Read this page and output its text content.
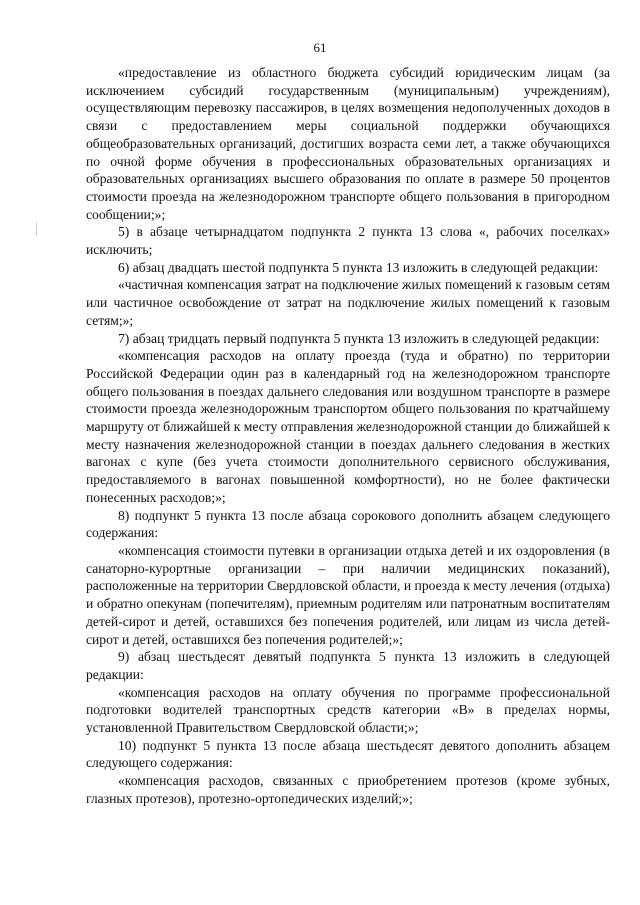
61

«предоставление из областного бюджета субсидий юридическим лицам (за исключением субсидий государственным (муниципальным) учреждениям), осуществляющим перевозку пассажиров, в целях возмещения недополученных доходов в связи с предоставлением меры социальной поддержки обучающихся общеобразовательных организаций, достигших возраста семи лет, а также обучающихся по очной форме обучения в профессиональных образовательных организациях и образовательных организациях высшего образования по оплате в размере 50 процентов стоимости проезда на железнодорожном транспорте общего пользования в пригородном сообщении;»;

5) в абзаце четырнадцатом подпункта 2 пункта 13 слова «, рабочих поселках» исключить;

6) абзац двадцать шестой подпункта 5 пункта 13 изложить в следующей редакции:

«частичная компенсация затрат на подключение жилых помещений к газовым сетям или частичное освобождение от затрат на подключение жилых помещений к газовым сетям;»;

7) абзац тридцать первый подпункта 5 пункта 13 изложить в следующей редакции:

«компенсация расходов на оплату проезда (туда и обратно) по территории Российской Федерации один раз в календарный год на железнодорожном транспорте общего пользования в поездах дальнего следования или воздушном транспорте в размере стоимости проезда железнодорожным транспортом общего пользования по кратчайшему маршруту от ближайшей к месту отправления железнодорожной станции до ближайшей к месту назначения железнодорожной станции в поездах дальнего следования в жестких вагонах с купе (без учета стоимости дополнительного сервисного обслуживания, предоставляемого в вагонах повышенной комфортности), но не более фактически понесенных расходов;»;

8) подпункт 5 пункта 13 после абзаца сорокового дополнить абзацем следующего содержания:

«компенсация стоимости путевки в организации отдыха детей и их оздоровления (в санаторно-курортные организации – при наличии медицинских показаний), расположенные на территории Свердловской области, и проезда к месту лечения (отдыха) и обратно опекунам (попечителям), приемным родителям или патронатным воспитателям детей-сирот и детей, оставшихся без попечения родителей, или лицам из числа детей-сирот и детей, оставшихся без попечения родителей;»;

9) абзац шестьдесят девятый подпункта 5 пункта 13 изложить в следующей редакции:

«компенсация расходов на оплату обучения по программе профессиональной подготовки водителей транспортных средств категории «В» в пределах нормы, установленной Правительством Свердловской области;»;

10) подпункт 5 пункта 13 после абзаца шестьдесят девятого дополнить абзацем следующего содержания:

«компенсация расходов, связанных с приобретением протезов (кроме зубных, глазных протезов), протезно-ортопедических изделий;»;
